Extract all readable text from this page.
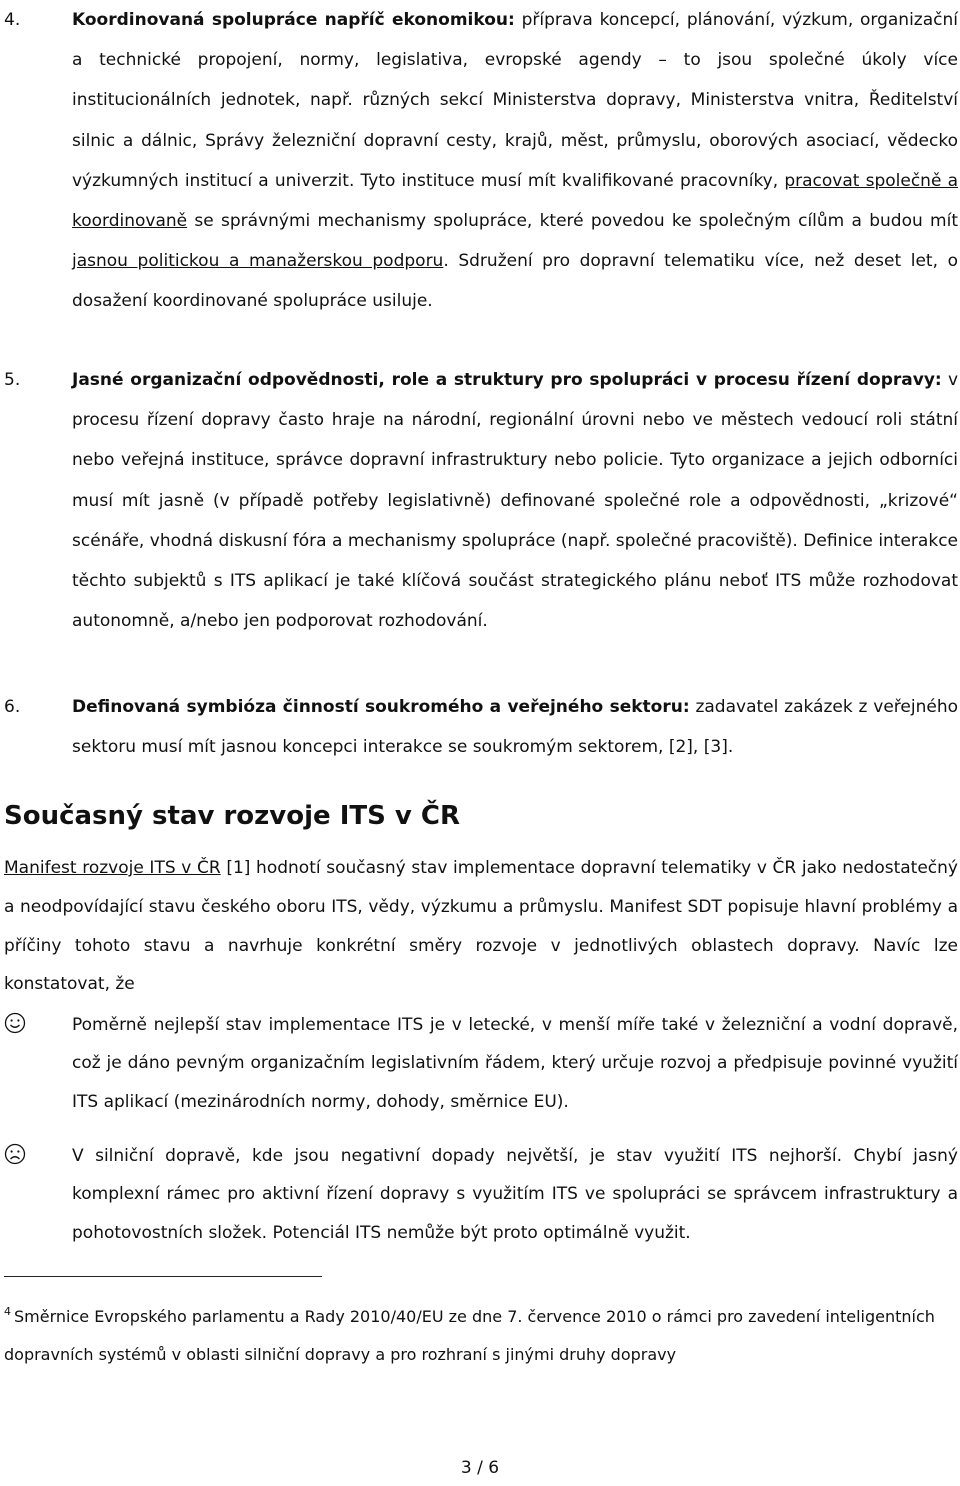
4.	Koordinovaná spolupráce napříč ekonomikou: příprava koncepcí, plánování, výzkum, organizační a technické propojení, normy, legislativa, evropské agendy – to jsou společné úkoly více institucionálních jednotek, např. různých sekcí Ministerstva dopravy, Ministerstva vnitra, Ředitelství silnic a dálnic, Správy železniční dopravní cesty, krajů, měst, průmyslu, oborových asociací, vědecko výzkumných institucí a univerzit. Tyto instituce musí mít kvalifikované pracovníky, pracovat společně a koordinovaně se správnými mechanismy spolupráce, které povedou ke společným cílům a budou mít jasnou politickou a manažerskou podporu. Sdružení pro dopravní telematiku více, než deset let, o dosažení koordinované spolupráce usiluje.
5.	Jasné organizační odpovědnosti, role a struktury pro spolupráci v procesu řízení dopravy: v procesu řízení dopravy často hraje na národní, regionální úrovni nebo ve městech vedoucí roli státní nebo veřejná instituce, správce dopravní infrastruktury nebo policie. Tyto organizace a jejich odborníci musí mít jasně (v případě potřeby legislativně) definované společné role a odpovědnosti, „krizové“ scénáře, vhodná diskusní fóra a mechanismy spolupráce (např. společné pracoviště). Definice interakce těchto subjektů s ITS aplikací je také klíčová součást strategického plánu neboť ITS může rozhodovat autonomně, a/nebo jen podporovat rozhodování.
6.	Definovaná symbióza činností soukromého a veřejného sektoru: zadavatel zakázek z veřejného sektoru musí mít jasnou koncepci interakce se soukromým sektorem, [2], [3].
Současný stav rozvoje ITS v ČR
Manifest rozvoje ITS v ČR [1] hodnotí současný stav implementace dopravní telematiky v ČR jako nedostatečný a neodpovídající stavu českého oboru ITS, vědy, výzkumu a průmyslu. Manifest SDT popisuje hlavní problémy a příčiny tohoto stavu a navrhuje konkrétní směry rozvoje v jednotlivých oblastech dopravy. Navíc lze konstatovat, že
Poměrně nejlepší stav implementace ITS je v letecké, v menší míře také v železniční a vodní dopravě, což je dáno pevným organizačním legislativním řádem, který určuje rozvoj a předpisuje povinné využití ITS aplikací (mezinárodních normy, dohody, směrnice EU).
V silniční dopravě, kde jsou negativní dopady největší, je stav využití ITS nejhorší. Chybí jasný komplexní rámec pro aktivní řízení dopravy s využitím ITS ve spolupráci se správcem infrastruktury a pohotovostních složek. Potenciál ITS nemůže být proto optimálně využit.
$^4$ Směrnice Evropského parlamentu a Rady 2010/40/EU ze dne 7. července 2010 o rámci pro zavedení inteligentních dopravních systémů v oblasti silniční dopravy a pro rozhraní s jinými druhy dopravy
3 / 6
